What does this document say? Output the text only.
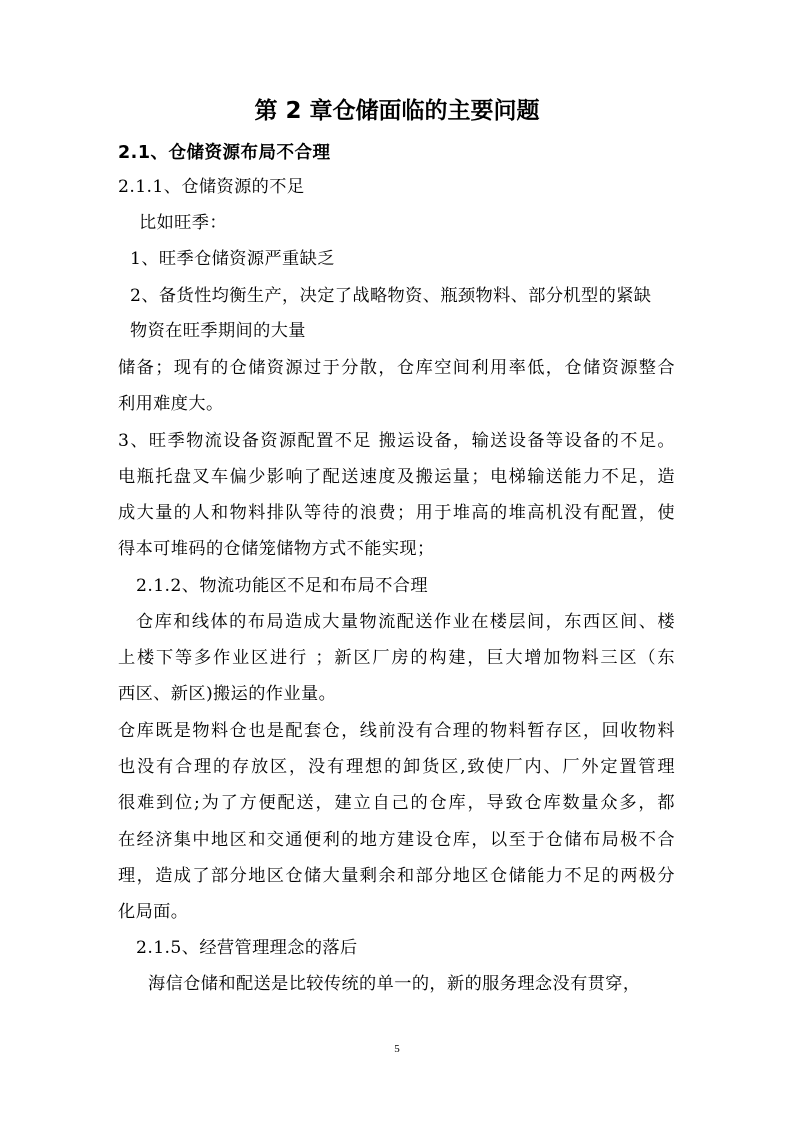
第 2 章仓储面临的主要问题
2.1、仓储资源布局不合理
2.1.1、仓储资源的不足
比如旺季：
1、旺季仓储资源严重缺乏
2、备货性均衡生产，决定了战略物资、瓶颈物料、部分机型的紧缺
物资在旺季期间的大量
储备；现有的仓储资源过于分散，仓库空间利用率低，仓储资源整合
利用难度大。
3、旺季物流设备资源配置不足 搬运设备，输送设备等设备的不足。
电瓶托盘叉车偏少影响了配送速度及搬运量；电梯输送能力不足，造
成大量的人和物料排队等待的浪费；用于堆高的堆高机没有配置，使
得本可堆码的仓储笼储物方式不能实现；
2.1.2、物流功能区不足和布局不合理
仓库和线体的布局造成大量物流配送作业在楼层间，东西区间、楼
上楼下等多作业区进行 ；新区厂房的构建，巨大增加物料三区（东
西区、新区)搬运的作业量。
仓库既是物料仓也是配套仓，线前没有合理的物料暂存区，回收物料
也没有合理的存放区，没有理想的卸货区,致使厂内、厂外定置管理
很难到位;为了方便配送，建立自己的仓库，导致仓库数量众多，都
在经济集中地区和交通便利的地方建设仓库，以至于仓储布局极不合
理，造成了部分地区仓储大量剩余和部分地区仓储能力不足的两极分
化局面。
2.1.5、经营管理理念的落后
海信仓储和配送是比较传统的单一的，新的服务理念没有贯穿，
5
